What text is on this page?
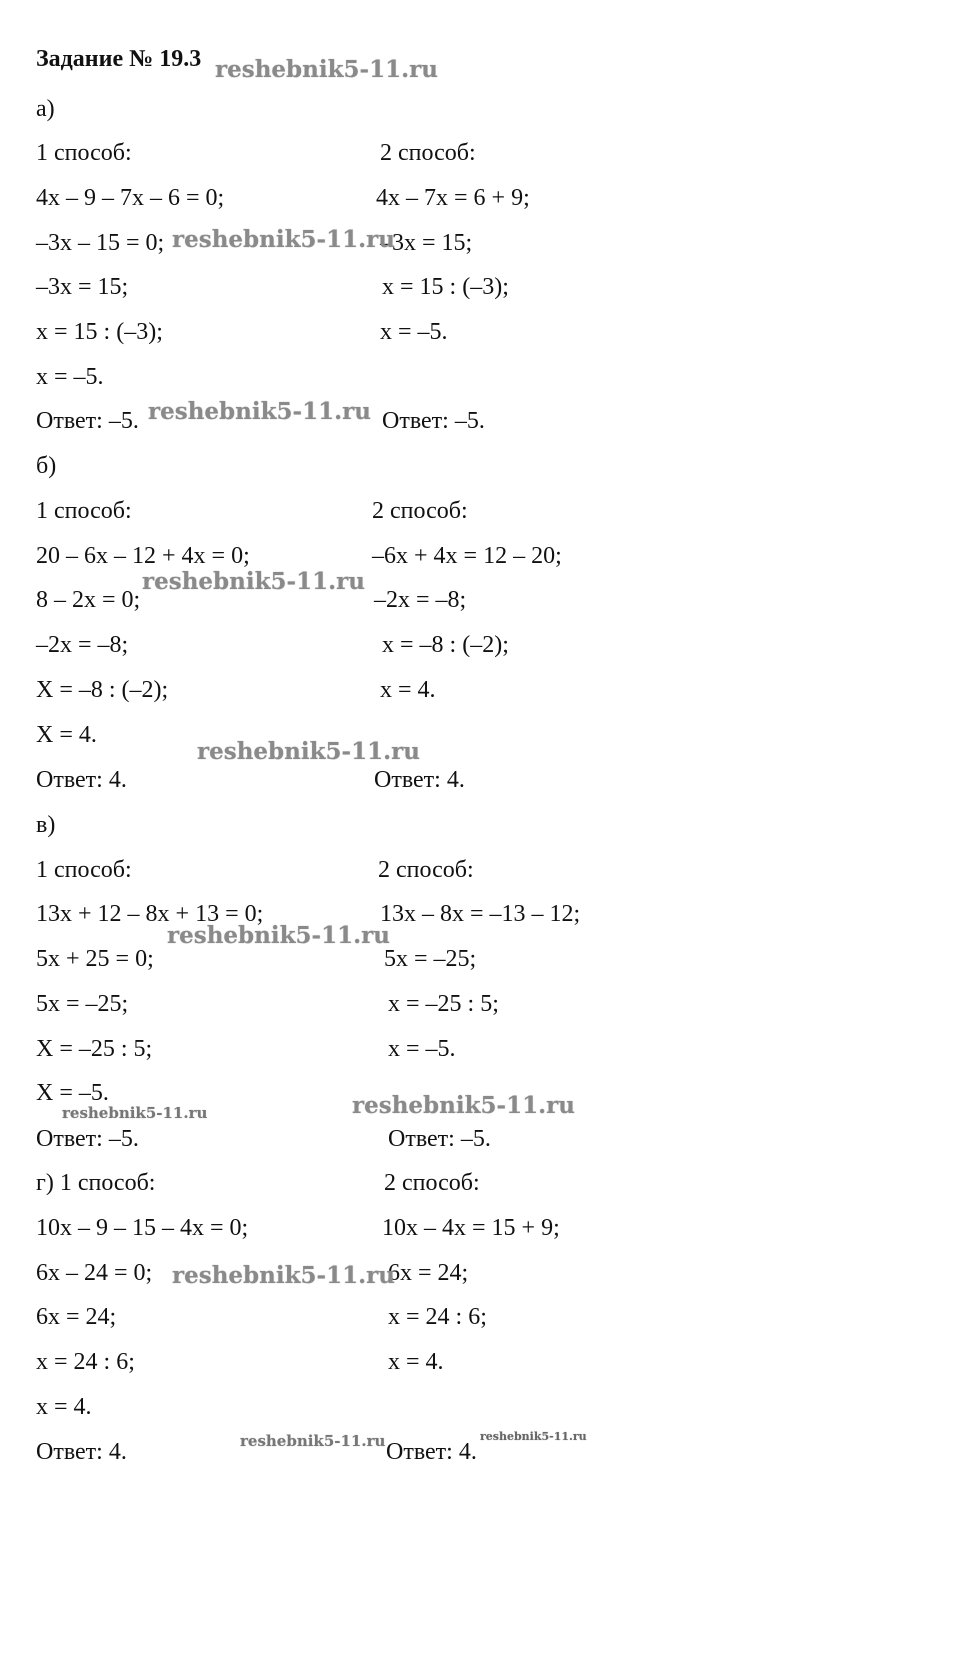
Задание № 19.3
а)
1 способ:	2 способ:
4x – 9 – 7x – 6 = 0;	4x – 7x = 6 + 9;
–3x – 15 = 0;	–3x = 15;
–3x = 15;	x = 15 : (–3);
x = 15 : (–3);	x = –5.
x = –5.
Ответ: –5.	Ответ: –5.
б)
1 способ:	2 способ:
20 – 6x – 12 + 4x = 0;	–6x + 4x = 12 – 20;
8 – 2x = 0;	–2x = –8;
–2x = –8;	x = –8 : (–2);
X = –8 : (–2);	x = 4.
X = 4.
Ответ: 4.	Ответ: 4.
в)
1 способ:	2 способ:
13x + 12 – 8x + 13 = 0;	13x – 8x = –13 – 12;
5x + 25 = 0;	5x = –25;
5x = –25;	x = –25 : 5;
X = –25 : 5;	x = –5.
X = –5.
Ответ: –5.	Ответ: –5.
г) 1 способ:	2 способ:
10x – 9 – 15 – 4x = 0;	10x – 4x = 15 + 9;
6x – 24 = 0;	6x = 24;
6x = 24;	x = 24 : 6;
x = 24 : 6;	x = 4.
x = 4.
Ответ: 4.	Ответ: 4.
reshebnik5-11.ru
reshebnik5-11.ru
reshebnik5-11.ru
reshebnik5-11.ru
reshebnik5-11.ru
reshebnik5-11.ru
reshebnik5-11.ru	reshebnik5-11.ru
reshebnik5-11.ru
reshebnik5-11.ru	reshebnik5-11.ru
